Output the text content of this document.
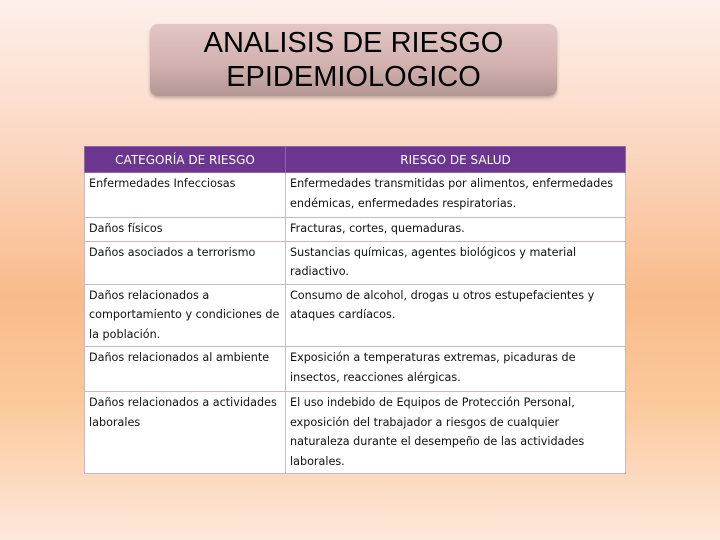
ANALISIS DE RIESGO
EPIDEMIOLOGICO
CATEGORÍA DE RIESGO	RIESGO DE SALUD
Enfermedades Infecciosas	Enfermedades transmitidas por alimentos, enfermedades endémicas, enfermedades respiratorias.
Daños físicos	Fracturas, cortes, quemaduras.
Daños asociados a terrorismo	Sustancias químicas, agentes biológicos y material radiactivo.
Daños relacionados a comportamiento y condiciones de la población.	Consumo de alcohol, drogas u otros estupefacientes y ataques cardíacos.
Daños relacionados al ambiente	Exposición a temperaturas extremas, picaduras de insectos, reacciones alérgicas.
Daños relacionados a actividades laborales	El uso indebido de Equipos de Protección Personal, exposición del trabajador a riesgos de cualquier naturaleza durante el desempeño de las actividades laborales.
